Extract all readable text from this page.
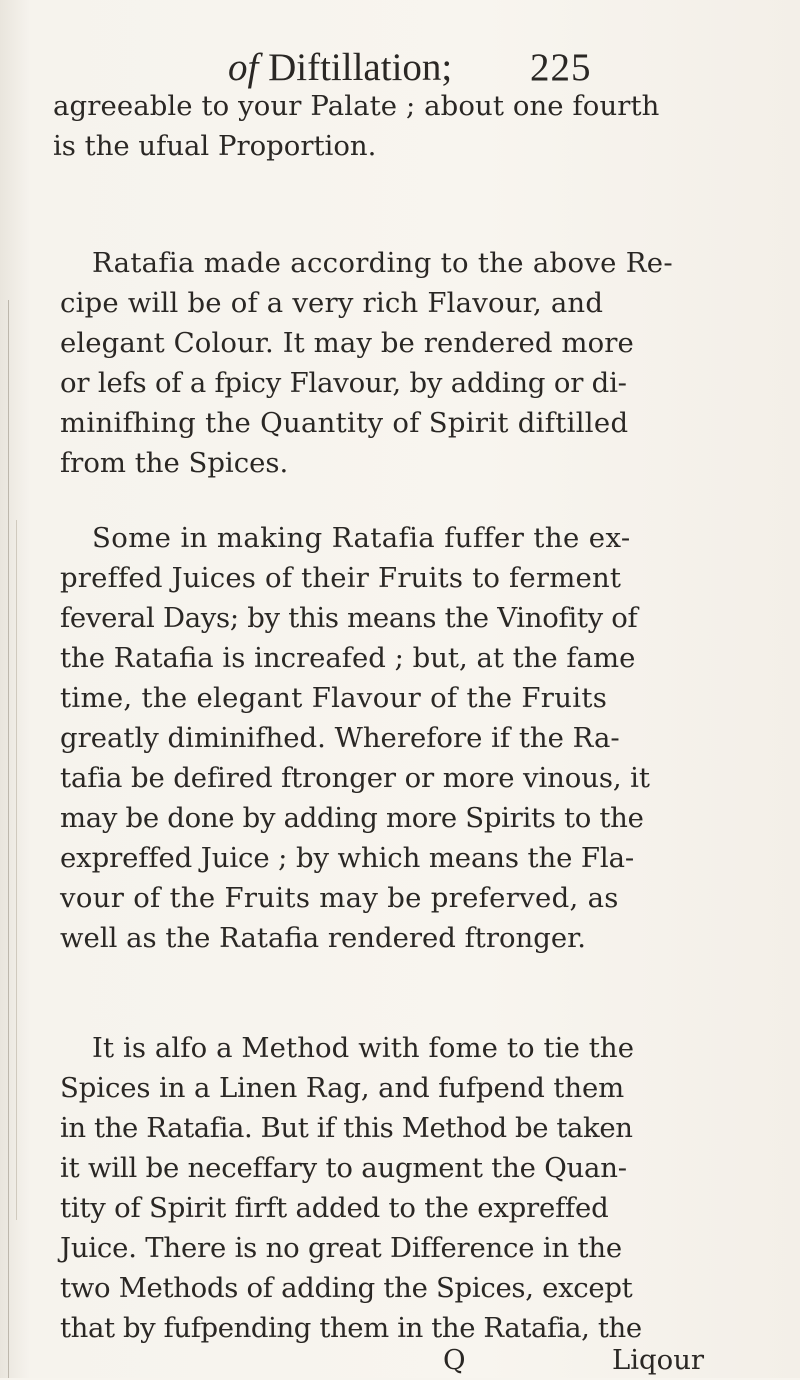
of Diftillation; 225
agreeable to your Palate ; about one fourth
is the ufual Proportion.
Ratafia made according to the above Re-
cipe will be of a very rich Flavour, and
elegant Colour. It may be rendered more
or lefs of a fpicy Flavour, by adding or di-
minifhing the Quantity of Spirit diftilled
from the Spices.
Some in making Ratafia fuffer the ex-
preffed Juices of their Fruits to ferment
feveral Days; by this means the Vinofity of
the Ratafia is increafed ; but, at the fame
time, the elegant Flavour of the Fruits
greatly diminifhed. Wherefore if the Ra-
tafia be defired ftronger or more vinous, it
may be done by adding more Spirits to the
expreffed Juice ; by which means the Fla-
vour of the Fruits may be preferved, as
well as the Ratafia rendered ftronger.
It is alfo a Method with fome to tie the
Spices in a Linen Rag, and fufpend them
in the Ratafia. But if this Method be taken
it will be neceffary to augment the Quan-
tity of Spirit firft added to the expreffed
Juice. There is no great Difference in the
two Methods of adding the Spices, except
that by fufpending them in the Ratafia, the
Q	Liqour
